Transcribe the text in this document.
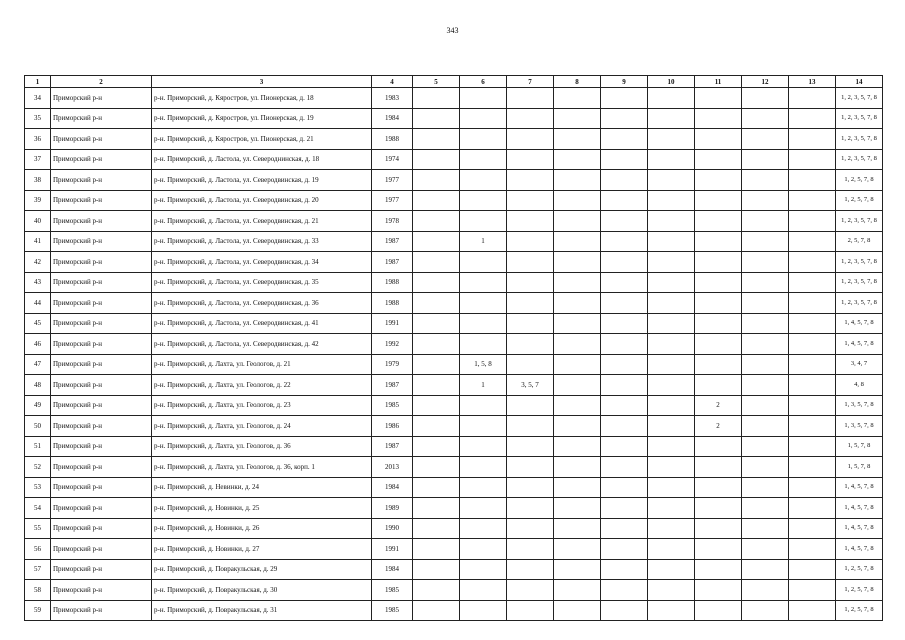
343
1	2	3	4	5	6	7	8	9	10	11	12	13	14
34	Приморский р-н	р-н. Приморский, д. Кяростров, ул. Пионерская, д. 18	1983										1, 2, 3, 5, 7, 8
35	Приморский р-н	р-н. Приморский, д. Кяростров, ул. Пионерская, д. 19	1984										1, 2, 3, 5, 7, 8
36	Приморский р-н	р-н. Приморский, д. Кяростров, ул. Пионерская, д. 21	1988										1, 2, 3, 5, 7, 8
37	Приморский р-н	р-н. Приморский, д. Ластола, ул. Североднинская, д. 18	1974										1, 2, 3, 5, 7, 8
38	Приморский р-н	р-н. Приморский, д. Ластола, ул. Северодвинская, д. 19	1977										1, 2, 5, 7, 8
39	Приморский р-н	р-н. Приморский, д. Ластола, ул. Северодвинская, д. 20	1977										1, 2, 5, 7, 8
40	Приморский р-н	р-н. Приморский, д. Ластола, ул. Северодвинская, д. 21	1978										1, 2, 3, 5, 7, 8
41	Приморский р-н	р-н. Приморский, д. Ластола, ул. Северодвинская, д. 33	1987		1								2, 5, 7, 8
42	Приморский р-н	р-н. Приморский, д. Ластола, ул. Северодвинская, д. 34	1987										1, 2, 3, 5, 7, 8
43	Приморский р-н	р-н. Приморский, д. Ластола, ул. Северодвинская, д. 35	1988										1, 2, 3, 5, 7, 8
44	Приморский р-н	р-н. Приморский, д. Ластола, ул. Северодвинская, д. 36	1988										1, 2, 3, 5, 7, 8
45	Приморский р-н	р-н. Приморский, д. Ластола, ул. Северодвинская, д. 41	1991										1, 4, 5, 7, 8
46	Приморский р-н	р-н. Приморский, д. Ластола, ул. Северодвинская, д. 42	1992										1, 4, 5, 7, 8
47	Приморский р-н	р-н. Приморский, д. Лахта, ул. Геологов, д. 21	1979		1, 5, 8								3, 4, 7
48	Приморский р-н	р-н. Приморский, д. Лахта, ул. Геологов, д. 22	1987		1	3, 5, 7							4, 8
49	Приморский р-н	р-н. Приморский, д. Лахта, ул. Геологов, д. 23	1985							2			1, 3, 5, 7, 8
50	Приморский р-н	р-н. Приморский, д. Лахта, ул. Геологов, д. 24	1986							2			1, 3, 5, 7, 8
51	Приморский р-н	р-н. Приморский, д. Лахта, ул. Геологов, д. 36	1987										1, 5, 7, 8
52	Приморский р-н	р-н. Приморский, д. Лахта, ул. Геологов, д. 36, корп. 1	2013										1, 5, 7, 8
53	Приморский р-н	р-н. Приморский, д. Невинки, д. 24	1984										1, 4, 5, 7, 8
54	Приморский р-н	р-н. Приморский, д. Новинки, д. 25	1989										1, 4, 5, 7, 8
55	Приморский р-н	р-н. Приморский, д. Новинки, д. 26	1990										1, 4, 5, 7, 8
56	Приморский р-н	р-н. Приморский, д. Новинки, д. 27	1991										1, 4, 5, 7, 8
57	Приморский р-н	р-н. Приморский, д. Повракульская, д. 29	1984										1, 2, 5, 7, 8
58	Приморский р-н	р-н. Приморский, д. Повракульская, д. 30	1985										1, 2, 5, 7, 8
59	Приморский р-н	р-н. Приморский, д. Повракульская, д. 31	1985										1, 2, 5, 7, 8
